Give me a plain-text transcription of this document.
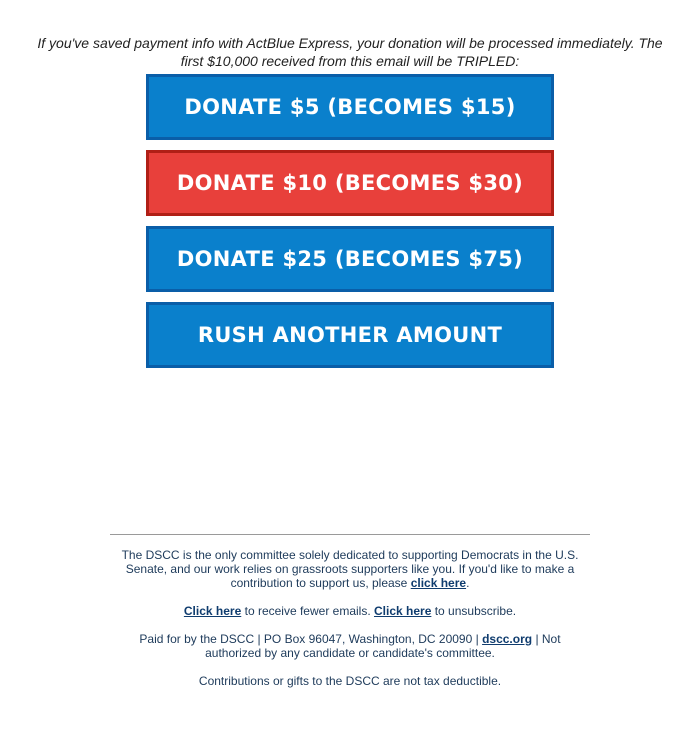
If you've saved payment info with ActBlue Express, your donation will be processed immediately. The first $10,000 received from this email will be TRIPLED:
DONATE $5 (BECOMES $15)
DONATE $10 (BECOMES $30)
DONATE $25 (BECOMES $75)
RUSH ANOTHER AMOUNT
The DSCC is the only committee solely dedicated to supporting Democrats in the U.S. Senate, and our work relies on grassroots supporters like you. If you'd like to make a contribution to support us, please click here.
Click here to receive fewer emails. Click here to unsubscribe.
Paid for by the DSCC | PO Box 96047, Washington, DC 20090 | dscc.org | Not authorized by any candidate or candidate's committee.
Contributions or gifts to the DSCC are not tax deductible.
